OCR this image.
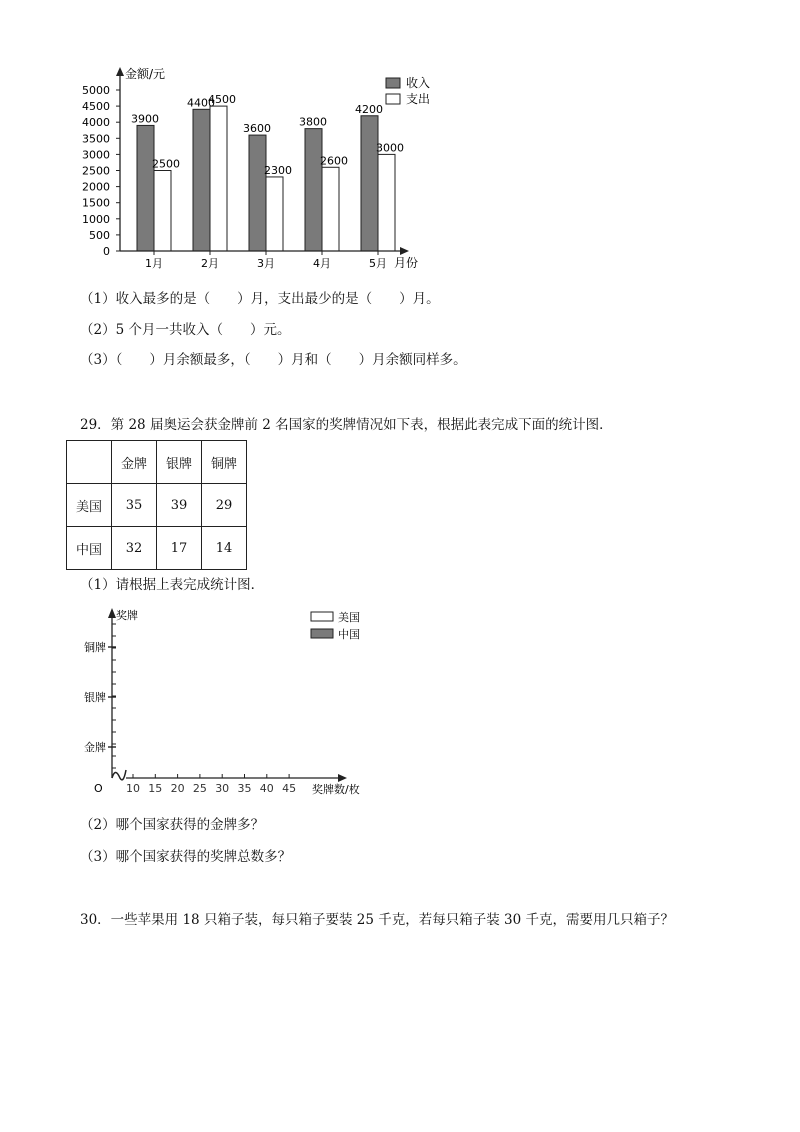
0
500
1000
1500
2000
2500
3000
3500
4000
4500
5000
3900
2500
4400
4500
3600
2300
3800
2600
4200
3000
1月	2月	3月	4月	5月
金额/元
月份
收入
支出
（1）收入最多的是（　　）月，支出最少的是（　　）月。
（2）5 个月一共收入（　　）元。
（3）（　　）月余额最多，（　　）月和（　　）月余额同样多。
29．第 28 届奥运会获金牌前 2 名国家的奖牌情况如下表，根据此表完成下面的统计图．
	金牌	银牌	铜牌
美国	35	39	29
中国	32	17	14
（1）请根据上表完成统计图．
10 15 20 25 30 35 40 45
奖牌
O
铜牌
银牌
金牌
奖牌数/枚
美国
中国
（2）哪个国家获得的金牌多？
（3）哪个国家获得的奖牌总数多？
30．一些苹果用 18 只箱子装，每只箱子要装 25 千克，若每只箱子装 30 千克，需要用几只箱子？
